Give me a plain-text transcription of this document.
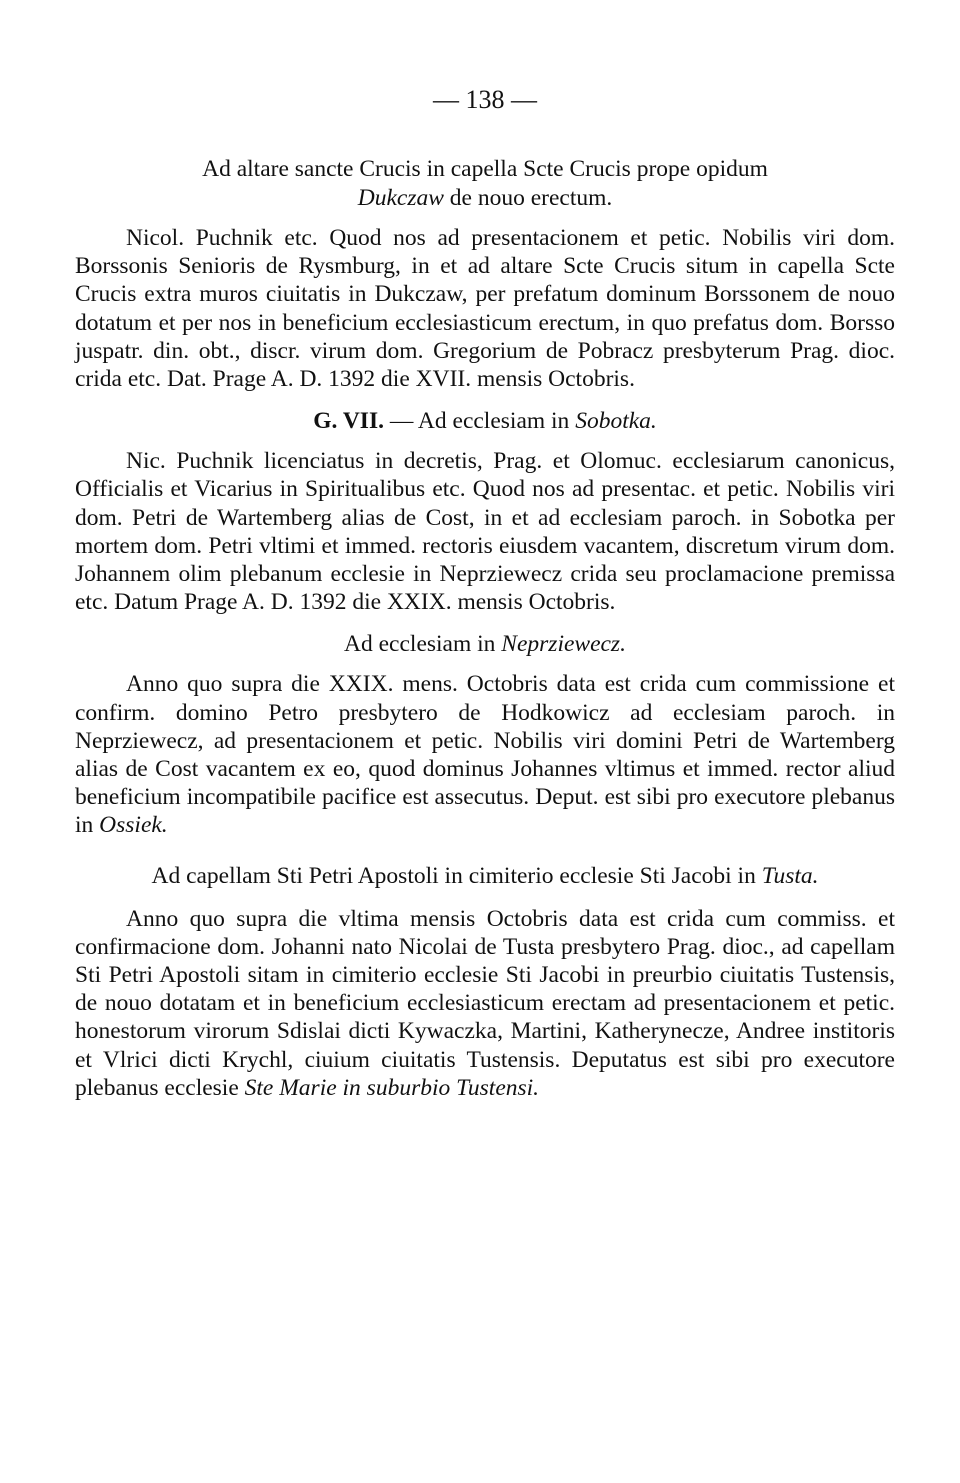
— 138 —

Ad altare sancte Crucis in capella Scte Crucis prope opidum
Dukczaw de nouo erectum.

Nicol. Puchnik etc. Quod nos ad presentacionem et petic. Nobilis viri dom. Borssonis Senioris de Rysmburg, in et ad altare Scte Crucis situm in capella Scte Crucis extra muros ciuitatis in Dukczaw, per prefatum dominum Borssonem de nouo dotatum et per nos in beneficium ecclesiasticum erectum, in quo prefatus dom. Borsso juspatr. din. obt., discr. virum dom. Gregorium de Pobracz presbyterum Prag. dioc. crida etc. Dat. Prage A. D. 1392 die XVII. mensis Octobris.

G. VII. — Ad ecclesiam in Sobotka.

Nic. Puchnik licenciatus in decretis, Prag. et Olomuc. ecclesiarum canonicus, Officialis et Vicarius in Spiritualibus etc. Quod nos ad presentac. et petic. Nobilis viri dom. Petri de Wartemberg alias de Cost, in et ad ecclesiam paroch. in Sobotka per mortem dom. Petri vltimi et immed. rectoris eiusdem vacantem, discretum virum dom. Johannem olim plebanum ecclesie in Neprziewecz crida seu proclamacione premissa etc. Datum Prage A. D. 1392 die XXIX. mensis Octobris.

Ad ecclesiam in Neprziewecz.

Anno quo supra die XXIX. mens. Octobris data est crida cum commissione et confirm. domino Petro presbytero de Hodkowicz ad ecclesiam paroch. in Neprziewecz, ad presentacionem et petic. Nobilis viri domini Petri de Wartemberg alias de Cost vacantem ex eo, quod dominus Johannes vltimus et immed. rector aliud beneficium incompatibile pacifice est assecutus. Deput. est sibi pro executore plebanus in Ossiek.

Ad capellam Sti Petri Apostoli in cimiterio ecclesie Sti Jacobi in Tusta.

Anno quo supra die vltima mensis Octobris data est crida cum commiss. et confirmacione dom. Johanni nato Nicolai de Tusta presbytero Prag. dioc., ad capellam Sti Petri Apostoli sitam in cimiterio ecclesie Sti Jacobi in preurbio ciuitatis Tustensis, de nouo dotatam et in beneficium ecclesiasticum erectam ad presentacionem et petic. honestorum virorum Sdislai dicti Kywaczka, Martini, Katherynecze, Andree institoris et Vlrici dicti Krychl, ciuium ciuitatis Tustensis. Deputatus est sibi pro executore plebanus ecclesie Ste Marie in suburbio Tustensi.
